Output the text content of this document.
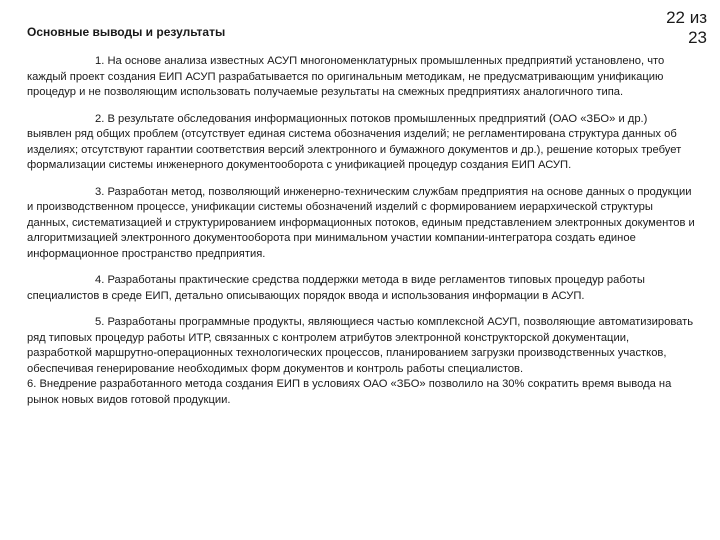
Основные выводы и результаты
22 из
23

1. На основе анализа известных АСУП многономенклатурных промышленных предприятий установлено, что каждый проект создания ЕИП АСУП разрабатывается по оригинальным методикам, не предусматривающим унификацию процедур и не позволяющим использовать получаемые результаты на смежных предприятиях аналогичного типа.

2. В результате обследования информационных потоков промышленных предприятий (ОАО «ЗБО» и др.) выявлен ряд общих проблем (отсутствует единая система обозначения изделий; не регламентирована структура данных об изделиях; отсутствуют гарантии соответствия версий электронного и бумажного документов и др.), решение которых требует формализации системы инженерного документооборота с унификацией процедур создания ЕИП АСУП.

3. Разработан метод, позволяющий инженерно-техническим службам предприятия на основе данных о продукции и производственном процессе, унификации системы обозначений изделий с формированием иерархической структуры данных, систематизацией и структурированием информационных потоков, единым представлением электронных документов и алгоритмизацией электронного документооборота при минимальном участии компании-интегратора создать единое информационное пространство предприятия.

4. Разработаны практические средства поддержки метода в виде регламентов типовых процедур работы специалистов в среде ЕИП, детально описывающих порядок ввода и использования информации в АСУП.

5. Разработаны программные продукты, являющиеся частью комплексной АСУП, позволяющие автоматизировать ряд типовых процедур работы ИТР, связанных с контролем атрибутов электронной конструкторской документации, разработкой маршрутно-операционных технологических процессов, планированием загрузки производственных участков, обеспечивая генерирование необходимых форм документов и контроль работы специалистов.

6. Внедрение разработанного метода создания ЕИП в условиях ОАО «ЗБО» позволило на 30% сократить время вывода на рынок новых видов готовой продукции.
